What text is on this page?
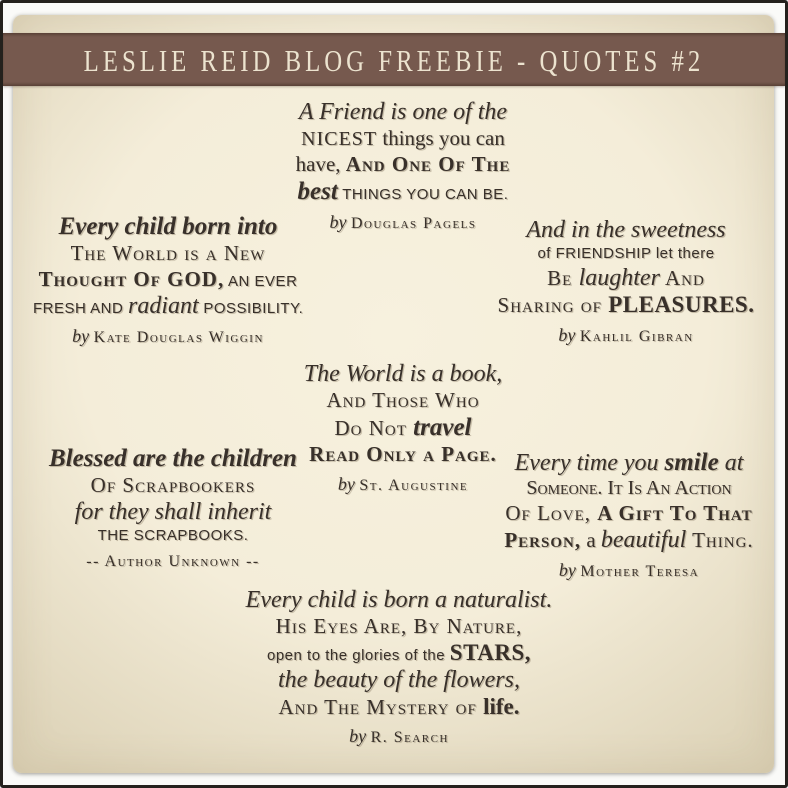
LESLIE REID BLOG FREEBIE - QUOTES #2
A Friend is one of the
NICEST things you can
have, And One Of The
best THINGS YOU CAN BE.
by Douglas Pagels
Every child born into
The World is a New
Thought Of GOD, AN EVER
FRESH AND radiant POSSIBILITY.
by Kate Douglas Wiggin
And in the sweetness
of FRIENDSHIP let there
Be laughter And
Sharing of PLEASURES.
by Kahlil Gibran
The World is a book,
And Those Who
Do Not travel
Read Only a Page.
by St. Augustine
Blessed are the children
Of Scrapbookers
for they shall inherit
THE SCRAPBOOKS.
-- Author Unknown --
Every time you smile at
Someone. It Is An Action
Of Love, A Gift To That
Person, a beautiful Thing.
by Mother Teresa
Every child is born a naturalist.
His Eyes Are, By Nature,
open to the glories of the STARS,
the beauty of the flowers,
And The Mystery of life.
by R. Search
